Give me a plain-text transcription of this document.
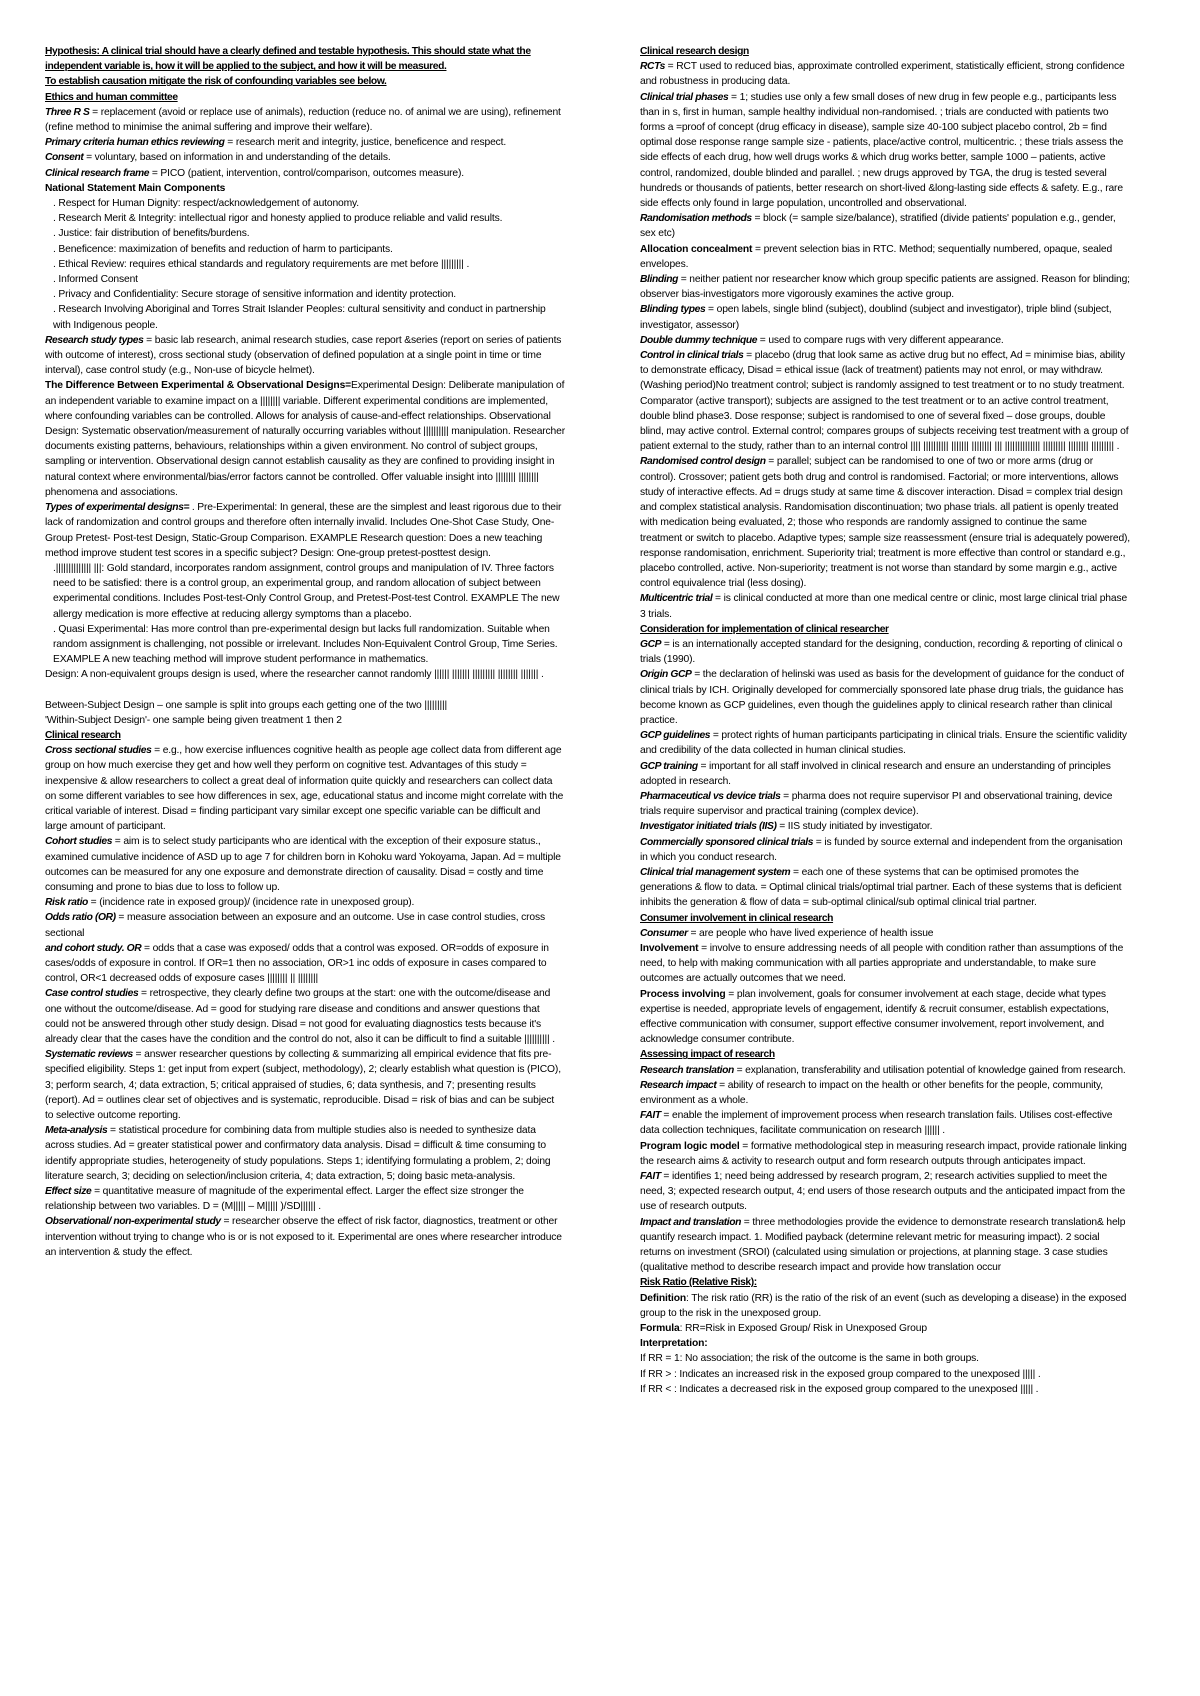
Hypothesis: A clinical trial should have a clearly defined and testable hypothesis. This should state what the independent variable is, how it will be applied to the subject, and how it will be measured.
To establish causation mitigate the risk of confounding variables see below.
Ethics and human committee
Three R S = replacement (avoid or replace use of animals), reduction (reduce no. of animal we are using), refinement (refine method to minimise the animal suffering and improve their welfare).
Primary criteria human ethics reviewing = research merit and integrity, justice, beneficence and respect.
Consent = voluntary, based on information in and understanding of the details.
Clinical research frame = PICO (patient, intervention, control/comparison, outcomes measure).
National Statement Main Components
. Respect for Human Dignity: respect/acknowledgement of autonomy.
. Research Merit & Integrity: intellectual rigor and honesty applied to produce reliable and valid results.
. Justice: fair distribution of benefits/burdens.
. Beneficence: maximization of benefits and reduction of harm to participants.
. Ethical Review: requires ethical standards and regulatory requirements are met before ||||||||| .
. Informed Consent
. Privacy and Confidentiality: Secure storage of sensitive information and identity protection.
. Research Involving Aboriginal and Torres Strait Islander Peoples: cultural sensitivity and conduct in partnership with Indigenous people.
Research study types = basic lab research, animal research studies, case report &series (report on series of patients with outcome of interest), cross sectional study (observation of defined population at a single point in time or time interval), case control study (e.g., Non-use of bicycle helmet).
The Difference Between Experimental & Observational Designs=Experimental Design: Deliberate manipulation of an independent variable to examine impact on a |||||||| variable. Different experimental conditions are implemented, where confounding variables can be controlled. Allows for analysis of cause-and-effect relationships. Observational Design: Systematic observation/measurement of naturally occurring variables without |||||||||| manipulation. Researcher documents existing patterns, behaviours, relationships within a given environment. No control of subject groups, sampling or intervention. Observational design cannot establish causality as they are confined to providing insight in natural context where environmental/bias/error factors cannot be controlled. Offer valuable insight into |||||||| |||||||| phenomena and associations.
Types of experimental designs= . Pre-Experimental: In general, these are the simplest and least rigorous due to their lack of randomization and control groups and therefore often internally invalid. Includes One-Shot Case Study, One-Group Pretest- Post-test Design, Static-Group Comparison. EXAMPLE Research question: Does a new teaching method improve student test scores in a specific subject? Design: One-group pretest-posttest design.
.|||||||||||||| |||: Gold standard, incorporates random assignment, control groups and manipulation of IV. Three factors need to be satisfied: there is a control group, an experimental group, and random allocation of subject between experimental conditions. Includes Post-test-Only Control Group, and Pretest-Post-test Control. EXAMPLE The new allergy medication is more effective at reducing allergy symptoms than a placebo.
. Quasi Experimental: Has more control than pre-experimental design but lacks full randomization. Suitable when random assignment is challenging, not possible or irrelevant. Includes Non-Equivalent Control Group, Time Series. EXAMPLE A new teaching method will improve student performance in mathematics.
Design: A non-equivalent groups design is used, where the researcher cannot randomly |||||| ||||||| ||||||||| |||||||| ||||||| .
Between-Subject Design – one sample is split into groups each getting one of the two |||||||||
'Within-Subject Design'- one sample being given treatment 1 then 2
Clinical research
Cross sectional studies = e.g., how exercise influences cognitive health as people age collect data from different age group on how much exercise they get and how well they perform on cognitive test. Advantages of this study = inexpensive & allow researchers to collect a great deal of information quite quickly and researchers can collect data on some different variables to see how differences in sex, age, educational status and income might correlate with the critical variable of interest. Disad = finding participant vary similar except one specific variable can be difficult and large amount of participant.
Cohort studies = aim is to select study participants who are identical with the exception of their exposure status., examined cumulative incidence of ASD up to age 7 for children born in Kohoku ward Yokoyama, Japan. Ad = multiple outcomes can be measured for any one exposure and demonstrate direction of causality. Disad = costly and time consuming and prone to bias due to loss to follow up.
Risk ratio = (incidence rate in exposed group)/ (incidence rate in unexposed group).
Odds ratio (OR) = measure association between an exposure and an outcome. Use in case control studies, cross sectional
and cohort study. OR = odds that a case was exposed/ odds that a control was exposed. OR=odds of exposure in cases/odds of exposure in control. If OR=1 then no association, OR>1 inc odds of exposure in cases compared to control, OR<1 decreased odds of exposure cases |||||||| || ||||||||
Case control studies = retrospective, they clearly define two groups at the start: one with the outcome/disease and one without the outcome/disease. Ad = good for studying rare disease and conditions and answer questions that could not be answered through other study design. Disad = not good for evaluating diagnostics tests because it's already clear that the cases have the condition and the control do not, also it can be difficult to find a suitable |||||||||| .
Systematic reviews = answer researcher questions by collecting & summarizing all empirical evidence that fits pre-specified eligibility. Steps 1: get input from expert (subject, methodology), 2; clearly establish what question is (PICO), 3; perform search, 4; data extraction, 5; critical appraised of studies, 6; data synthesis, and 7; presenting results (report). Ad = outlines clear set of objectives and is systematic, reproducible. Disad = risk of bias and can be subject to selective outcome reporting.
Meta-analysis = statistical procedure for combining data from multiple studies also is needed to synthesize data across studies. Ad = greater statistical power and confirmatory data analysis. Disad = difficult & time consuming to identify appropriate studies, heterogeneity of study populations. Steps 1; identifying formulating a problem, 2; doing literature search, 3; deciding on selection/inclusion criteria, 4; data extraction, 5; doing basic meta-analysis.
Effect size = quantitative measure of magnitude of the experimental effect. Larger the effect size stronger the relationship between two variables. D = (M||||| – M||||| )/SD|||||| .
Observational/ non-experimental study = researcher observe the effect of risk factor, diagnostics, treatment or other intervention without trying to change who is or is not exposed to it. Experimental are ones where researcher introduce an intervention & study the effect.
Clinical research design
RCTs = RCT used to reduced bias, approximate controlled experiment, statistically efficient, strong confidence and robustness in producing data.
Clinical trial phases = 1; studies use only a few small doses of new drug in few people e.g., participants less than in s, first in human, sample healthy individual non-randomised. ; trials are conducted with patients two forms a =proof of concept (drug efficacy in disease), sample size 40-100 subject placebo control, 2b = find optimal dose response range sample size - patients, place/active control, multicentric. ; these trials assess the side effects of each drug, how well drugs works & which drug works better, sample 1000 – patients, active control, randomized, double blinded and parallel. ; new drugs approved by TGA, the drug is tested several hundreds or thousands of patients, better research on short-lived &long-lasting side effects & safety. E.g., rare side effects only found in large population, uncontrolled and observational.
Randomisation methods = block (= sample size/balance), stratified (divide patients' population e.g., gender, sex etc)
Allocation concealment = prevent selection bias in RTC. Method; sequentially numbered, opaque, sealed envelopes.
Blinding = neither patient nor researcher know which group specific patients are assigned. Reason for blinding; observer bias-investigators more vigorously examines the active group.
Blinding types = open labels, single blind (subject), doublind (subject and investigator), triple blind (subject, investigator, assessor)
Double dummy technique = used to compare rugs with very different appearance.
Control in clinical trials = placebo (drug that look same as active drug but no effect, Ad = minimise bias, ability to demonstrate efficacy, Disad = ethical issue (lack of treatment) patients may not enrol, or may withdraw. (Washing period)No treatment control; subject is randomly assigned to test treatment or to no study treatment. Comparator (active transport); subjects are assigned to the test treatment or to an active control treatment, double blind phase3. Dose response; subject is randomised to one of several fixed – dose groups, double blind, may active control. External control; compares groups of subjects receiving test treatment with a group of patient external to the study, rather than to an internal control |||| |||||||||| ||||||| |||||||| ||| |||||||||||||| ||||||||| |||||||| ||||||||| .
Randomised control design = parallel; subject can be randomised to one of two or more arms (drug or control). Crossover; patient gets both drug and control is randomised. Factorial; or more interventions, allows study of interactive effects. Ad = drugs study at same time & discover interaction. Disad = complex trial design and complex statistical analysis. Randomisation discontinuation; two phase trials. all patient is openly treated with medication being evaluated, 2; those who responds are randomly assigned to continue the same treatment or switch to placebo. Adaptive types; sample size reassessment (ensure trial is adequately powered), response randomisation, enrichment. Superiority trial; treatment is more effective than control or standard e.g., placebo controlled, active. Non-superiority; treatment is not worse than standard by some margin e.g., active control equivalence trial (less dosing).
Multicentric trial = is clinical conducted at more than one medical centre or clinic, most large clinical trial phase 3 trials.
Consideration for implementation of clinical researcher
GCP = is an internationally accepted standard for the designing, conduction, recording & reporting of clinical o trials (1990).
Origin GCP = the declaration of helinski was used as basis for the development of guidance for the conduct of clinical trials by ICH. Originally developed for commercially sponsored late phase drug trials, the guidance has become known as GCP guidelines, even though the guidelines apply to clinical research rather than clinical practice.
GCP guidelines = protect rights of human participants participating in clinical trials. Ensure the scientific validity and credibility of the data collected in human clinical studies.
GCP training = important for all staff involved in clinical research and ensure an understanding of principles adopted in research.
Pharmaceutical vs device trials = pharma does not require supervisor PI and observational training, device trials require supervisor and practical training (complex device).
Investigator initiated trials (IIS) = IIS study initiated by investigator.
Commercially sponsored clinical trials = is funded by source external and independent from the organisation in which you conduct research.
Clinical trial management system = each one of these systems that can be optimised promotes the generations & flow to data. = Optimal clinical trials/optimal trial partner. Each of these systems that is deficient inhibits the generation & flow of data = sub-optimal clinical/sub optimal clinical trial partner.
Consumer involvement in clinical research
Consumer = are people who have lived experience of health issue
Involvement = involve to ensure addressing needs of all people with condition rather than assumptions of the need, to help with making communication with all parties appropriate and understandable, to make sure outcomes are actually outcomes that we need.
Process involving = plan involvement, goals for consumer involvement at each stage, decide what types expertise is needed, appropriate levels of engagement, identify & recruit consumer, establish expectations, effective communication with consumer, support effective consumer involvement, report involvement, and acknowledge consumer contribute.
Assessing impact of research
Research translation = explanation, transferability and utilisation potential of knowledge gained from research.
Research impact = ability of research to impact on the health or other benefits for the people, community, environment as a whole.
FAIT = enable the implement of improvement process when research translation fails. Utilises cost-effective data collection techniques, facilitate communication on research |||||| .
Program logic model = formative methodological step in measuring research impact, provide rationale linking the research aims & activity to research output and form research outputs through anticipates impact.
FAIT = identifies 1; need being addressed by research program, 2; research activities supplied to meet the need, 3; expected research output, 4; end users of those research outputs and the anticipated impact from the use of research outputs.
Impact and translation = three methodologies provide the evidence to demonstrate research translation& help quantify research impact. 1. Modified payback (determine relevant metric for measuring impact). 2 social returns on investment (SROI) (calculated using simulation or projections, at planning stage. 3 case studies (qualitative method to describe research impact and provide how translation occur
Risk Ratio (Relative Risk):
Definition: The risk ratio (RR) is the ratio of the risk of an event (such as developing a disease) in the exposed group to the risk in the unexposed group.
Formula: RR=Risk in Exposed Group/ Risk in Unexposed Group
Interpretation:
If RR = 1: No association; the risk of the outcome is the same in both groups.
If RR > : Indicates an increased risk in the exposed group compared to the unexposed ||||| .
If RR < : Indicates a decreased risk in the exposed group compared to the unexposed ||||| .
